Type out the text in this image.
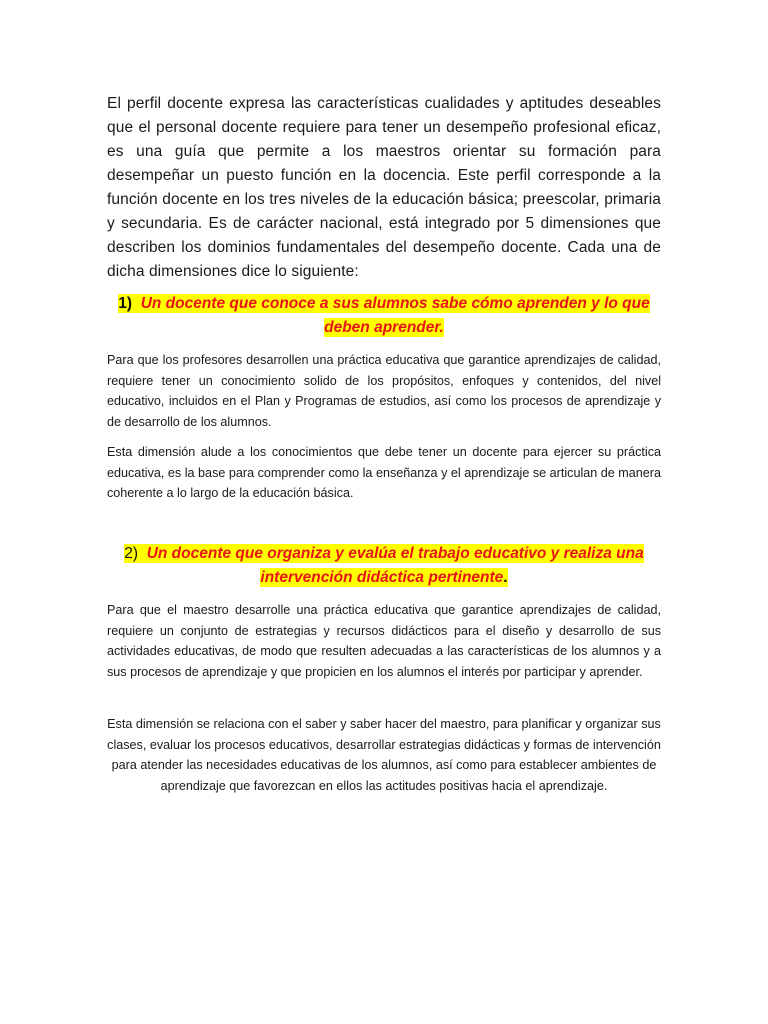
El perfil docente expresa las características cualidades y aptitudes deseables que el personal docente requiere para tener un desempeño profesional eficaz, es una guía que permite a los maestros orientar su formación para desempeñar un puesto función en la docencia. Este perfil corresponde a la función docente en los tres niveles de la educación básica; preescolar, primaria y secundaria. Es de carácter nacional, está integrado por 5 dimensiones que describen los dominios fundamentales del desempeño docente. Cada una de dicha dimensiones dice lo siguiente:

1) Un docente que conoce a sus alumnos sabe cómo aprenden y lo que deben aprender.

Para que los profesores desarrollen una práctica educativa que garantice aprendizajes de calidad, requiere tener un conocimiento solido de los propósitos, enfoques y contenidos, del nivel educativo, incluidos en el Plan y Programas de estudios, así como los procesos de aprendizaje y de desarrollo de los alumnos.

Esta dimensión alude a los conocimientos que debe tener un docente para ejercer su práctica educativa, es la base para comprender como la enseñanza y el aprendizaje se articulan de manera coherente a lo largo de la educación básica.

2) Un docente que organiza y evalúa el trabajo educativo y realiza una intervención didáctica pertinente.

Para que el maestro desarrolle una práctica educativa que garantice aprendizajes de calidad, requiere un conjunto de estrategias y recursos didácticos para el diseño y desarrollo de sus actividades educativas, de modo que resulten adecuadas a las características de los alumnos y a sus procesos de aprendizaje y que propicien en los alumnos el interés por participar y aprender.

Esta dimensión se relaciona con el saber y saber hacer del maestro, para planificar y organizar sus clases, evaluar los procesos educativos, desarrollar estrategias didácticas y formas de intervención para atender las necesidades educativas de los alumnos, así como para establecer ambientes de aprendizaje que favorezcan en ellos las actitudes positivas hacia el aprendizaje.
